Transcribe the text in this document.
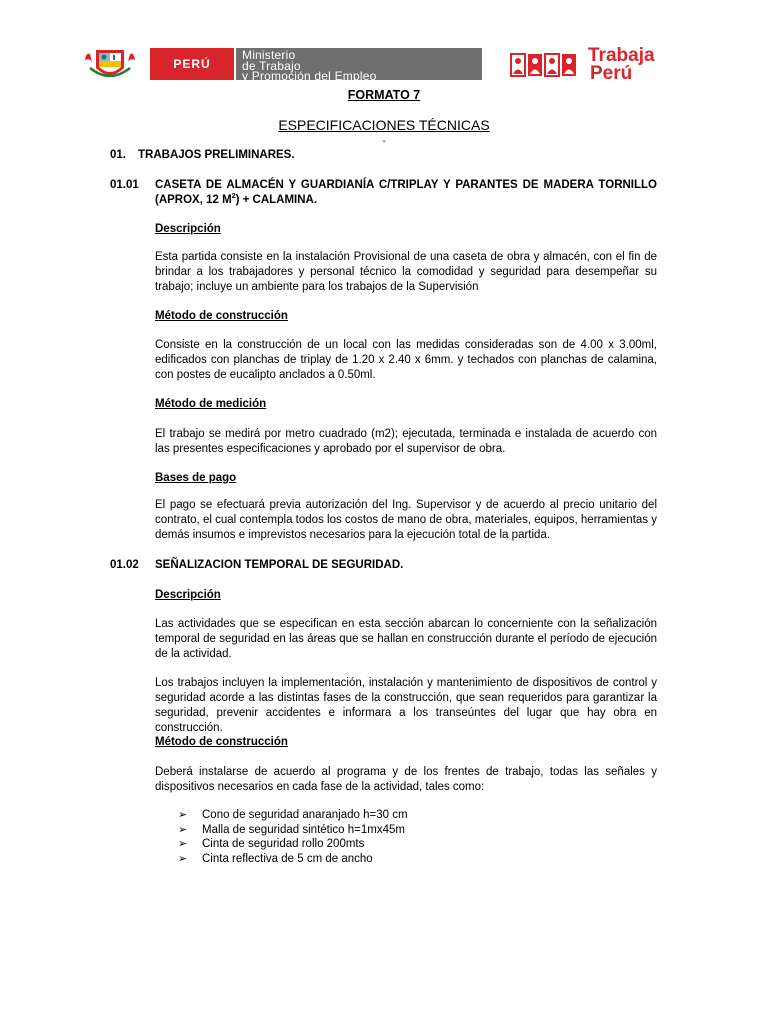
PERÚ
Ministerio
de Trabajo
y Promoción del Empleo
Trabaja
Perú
FORMATO 7
ESPECIFICACIONES TÉCNICAS
-
01. TRABAJOS PRELIMINARES.
01.01 CASETA DE ALMACÉN Y GUARDIANÍA C/TRIPLAY Y PARANTES DE MADERA TORNILLO
(APROX, 12 $M^2$) + CALAMINA.
Descripción
Esta partida consiste en la instalación Provisional de una caseta de obra y almacén, con el fin de brindar a los trabajadores y personal técnico la comodidad y seguridad para desempeñar su trabajo; incluye un ambiente para los trabajos de la Supervisión
Método de construcción
Consiste en la construcción de un local con las medidas consideradas son de 4.00 x 3.00ml, edificados con planchas de triplay de 1.20 x 2.40 x 6mm. y techados con planchas de calamina, con postes de eucalipto anclados a 0.50ml.
Método de medición
El trabajo se medirá por metro cuadrado (m2); ejecutada, terminada e instalada de acuerdo con las presentes especificaciones y aprobado por el supervisor de obra.
Bases de pago
El pago se efectuará previa autorización del Ing. Supervisor y de acuerdo al precio unitario del contrato, el cual contempla todos los costos de mano de obra, materiales, equipos, herramientas y demás insumos e imprevistos necesarios para la ejecución total de la partida.
01.02 SEÑALIZACION TEMPORAL DE SEGURIDAD.
Descripción
Las actividades que se especifican en esta sección abarcan lo concerniente con la señalización temporal de seguridad en las áreas que se hallan en construcción durante el período de ejecución de la actividad.
Los trabajos incluyen la implementación, instalación y mantenimiento de dispositivos de control y seguridad acorde a las distintas fases de la construcción, que sean requeridos para garantizar la seguridad, prevenir accidentes e informara a los transeúntes del lugar que hay obra en construcción.
Método de construcción
Deberá instalarse de acuerdo al programa y de los frentes de trabajo, todas las señales y dispositivos necesarios en cada fase de la actividad, tales como:
➢ Cono de seguridad anaranjado h=30 cm
➢ Malla de seguridad sintético h=1mx45m
➢ Cinta de seguridad rollo 200mts
➢ Cinta reflectiva de 5 cm de ancho
